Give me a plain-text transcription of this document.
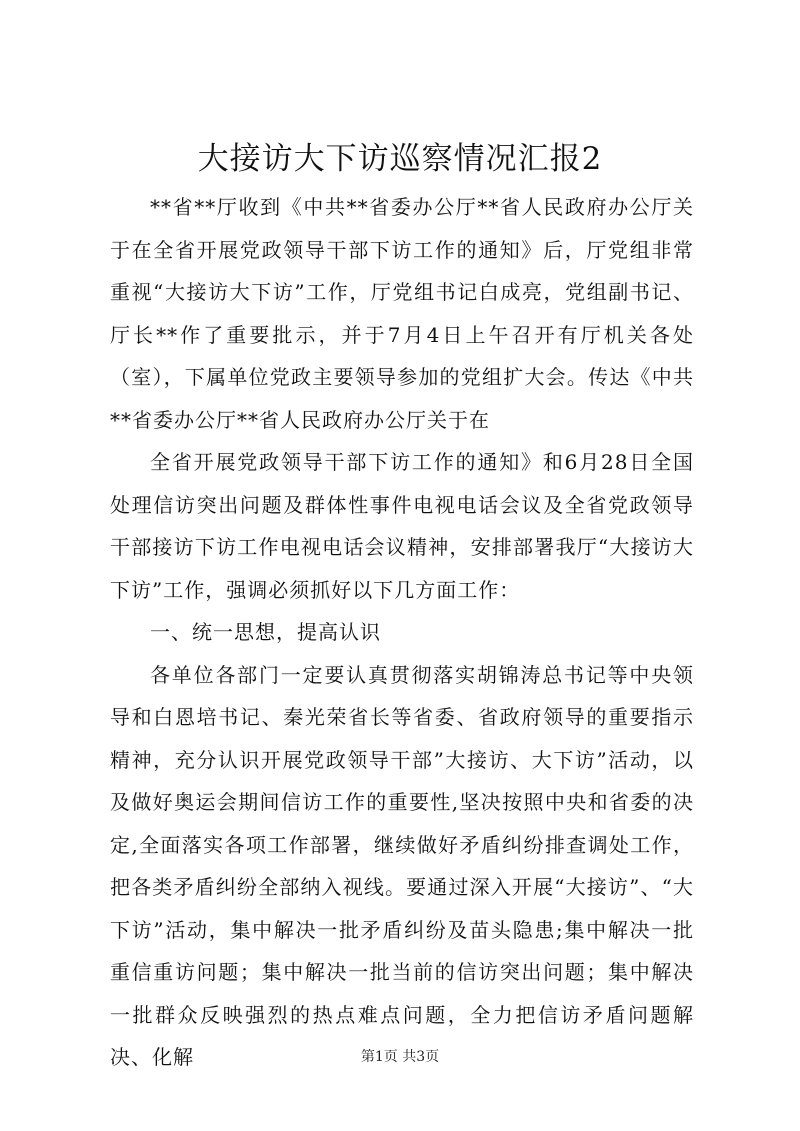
大接访大下访巡察情况汇报2

**省**厅收到《中共**省委办公厅**省人民政府办公厅关于在全省开展党政领导干部下访工作的通知》后，厅党组非常重视“大接访大下访”工作，厅党组书记白成亮，党组副书记、厅长**作了重要批示，并于7月4日上午召开有厅机关各处（室），下属单位党政主要领导参加的党组扩大会。传达《中共**省委办公厅**省人民政府办公厅关于在

全省开展党政领导干部下访工作的通知》和6月28日全国处理信访突出问题及群体性事件电视电话会议及全省党政领导干部接访下访工作电视电话会议精神，安排部署我厅“大接访大下访”工作，强调必须抓好以下几方面工作：

一、统一思想，提高认识

各单位各部门一定要认真贯彻落实胡锦涛总书记等中央领导和白恩培书记、秦光荣省长等省委、省政府领导的重要指示精神，充分认识开展党政领导干部”大接访、大下访”活动，以及做好奥运会期间信访工作的重要性,坚决按照中央和省委的决定,全面落实各项工作部署，继续做好矛盾纠纷排查调处工作，把各类矛盾纠纷全部纳入视线。要通过深入开展“大接访”、“大下访”活动，集中解决一批矛盾纠纷及苗头隐患;集中解决一批重信重访问题；集中解决一批当前的信访突出问题；集中解决一批群众反映强烈的热点难点问题，全力把信访矛盾问题解决、化解	第1页 共3页
